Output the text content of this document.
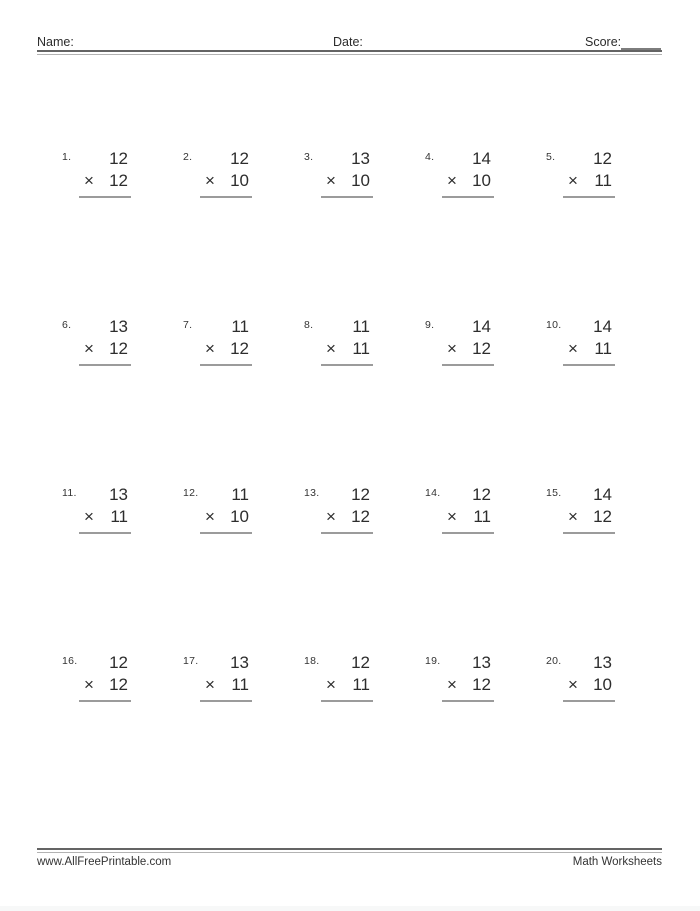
Name:	Date:	Score:
1.	12
× 12
2.	12
× 10
3.	13
× 10
4.	14
× 10
5.	12
× 11
6.	13
× 12
7.	11
× 12
8.	11
× 11
9.	14
× 12
10.	14
× 11
11.	13
× 11
12.	11
× 10
13.	12
× 12
14.	12
× 11
15.	14
× 12
16.	12
× 12
17.	13
× 11
18.	12
× 11
19.	13
× 12
20.	13
× 10
www.AllFreePrintable.com	Math Worksheets
